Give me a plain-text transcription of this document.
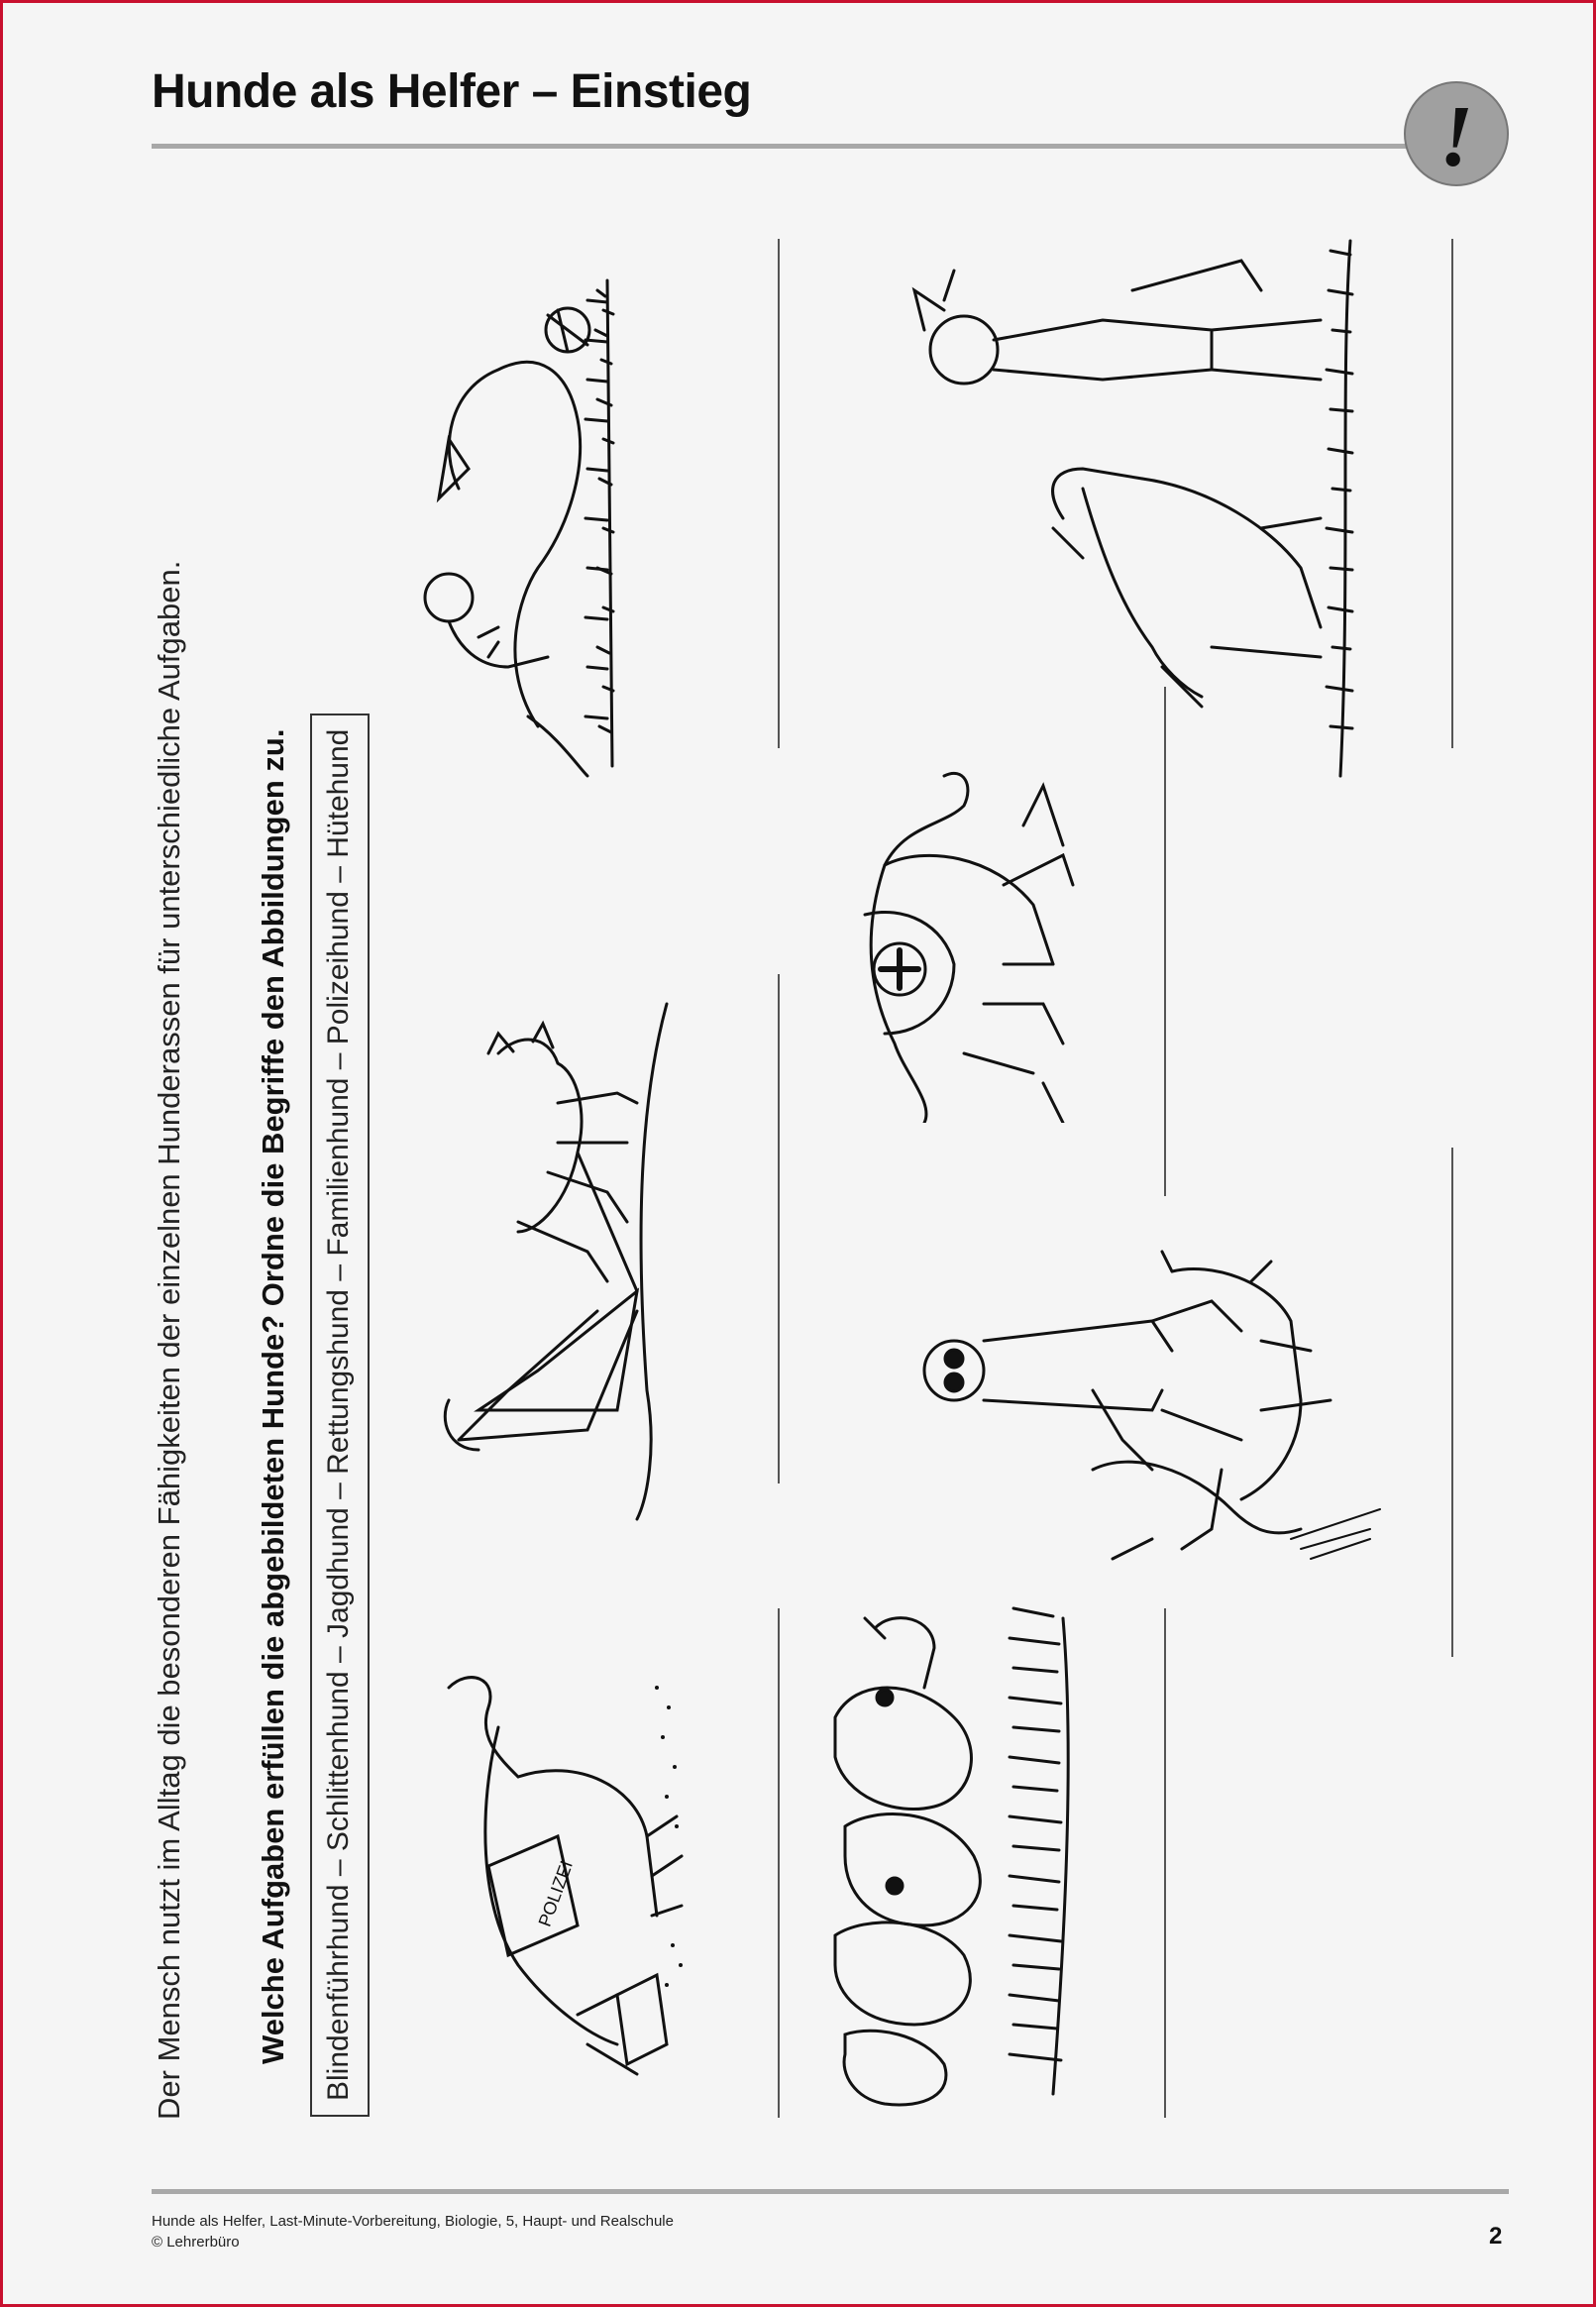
Hunde als Helfer – Einstieg	!
Der Mensch nutzt im Alltag die besonderen Fähigkeiten der einzelnen Hunderassen für unterschiedliche Aufgaben. Welche Aufgaben erfüllen die abgebildeten Hunde? Ordne die Begriffe den Abbildungen zu.	Blindenführhund – Schlittenhund – Jagdhund – Rettungshund – Familienhund – Polizeihund – Hütehund	POLIZEI
Hunde als Helfer, Last-Minute-Vorbereitung, Biologie, 5, Haupt- und Realschule
© Lehrerbüro	2
